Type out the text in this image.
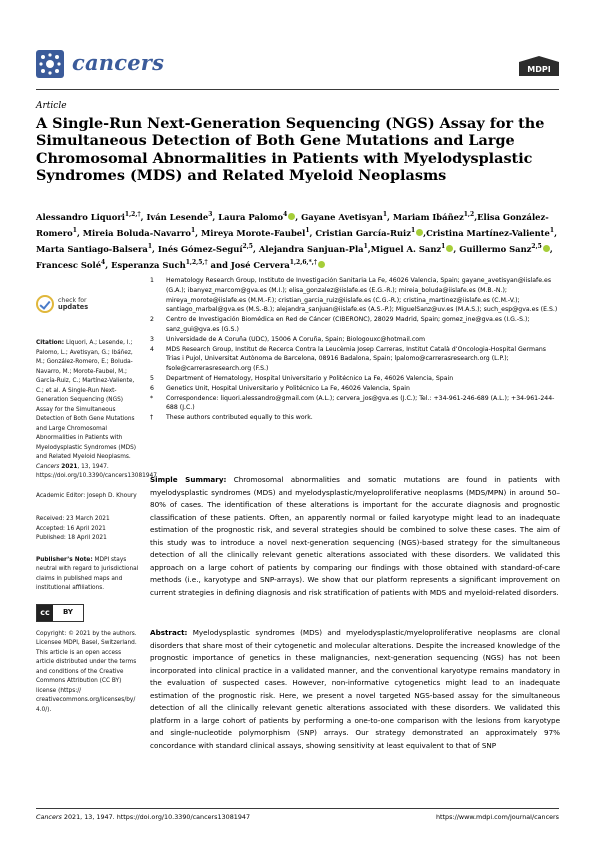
cancers	MDPI
Article
A Single-Run Next-Generation Sequencing (NGS) Assay for the Simultaneous Detection of Both Gene Mutations and Large Chromosomal Abnormalities in Patients with Myelodysplastic Syndromes (MDS) and Related Myeloid Neoplasms
Alessandro Liquori$^{1,2,\dagger}$, Iván Lesende$^3$, Laura Palomo$^4$ , Gayane Avetisyan$^1$, Mariam Ibáñez$^{1,2}$,Elisa González-Romero$^1$, Mireia Boluda-Navarro$^1$, Mireya Morote-Faubel$^1$, Cristian García-Ruiz$^1$ ,Cristina Martínez-Valiente$^1$, Marta Santiago-Balsera$^1$, Inés Gómez-Seguí$^{2,5}$, Alejandra Sanjuan-Pla$^1$,Miguel A. Sanz$^1$ , Guillermo Sanz$^{2,5}$ , Francesc Solé$^4$, Esperanza Such$^{1,2,5,\dagger}$ and José Cervera$^{1,2,6,*,\dagger}$
check for
updates

Citation: Liquori, A.; Lesende, I.; Palomo, L.; Avetisyan, G.; Ibáñez, M.; González-Romero, E.; Boluda-Navarro, M.; Morote-Faubel, M.; García-Ruiz, C.; Martínez-Valiente, C.; et al. A Single-Run Next-Generation Sequencing (NGS) Assay for the Simultaneous Detection of Both Gene Mutations and Large Chromosomal Abnormalities in Patients with Myelodysplastic Syndromes (MDS) and Related Myeloid Neoplasms. Cancers 2021, 13, 1947. https://doi.org/10.3390/cancers13081947

Academic Editor: Joseph D. Khoury

Received: 23 March 2021
Accepted: 16 April 2021
Published: 18 April 2021

Publisher’s Note: MDPI stays neutral with regard to jurisdictional claims in published maps and institutional affiliations.

cc	BY

Copyright: © 2021 by the authors. Licensee MDPI, Basel, Switzerland. This article is an open access article distributed under the terms and conditions of the Creative Commons Attribution (CC BY) license (https:// creativecommons.org/licenses/by/ 4.0/).

1	Hematology Research Group, Instituto de Investigación Sanitaria La Fe, 46026 Valencia, Spain; gayane_avetisyan@iislafe.es (G.A.); ibanyez_marcom@gva.es (M.I.); elisa_gonzalez@iislafe.es (E.G.-R.); mireia_boluda@iislafe.es (M.B.-N.); mireya_morote@iislafe.es (M.M.-F.); cristian_garcia_ruiz@iislafe.es (C.G.-R.); cristina_martinez@iislafe.es (C.M.-V.); santiago_marbal@gva.es (M.S.-B.); alejandra_sanjuan@iislafe.es (A.S.-P.); MiguelSanz@uv.es (M.A.S.); such_esp@gva.es (E.S.)
2	Centro de Investigación Biomédica en Red de Cáncer (CIBERONC), 28029 Madrid, Spain; gomez_ine@gva.es (I.G.-S.); sanz_gui@gva.es (G.S.)
3	Universidade de A Coruña (UDC), 15006 A Coruña, Spain; Biologouxc@hotmail.com
4	MDS Research Group, Institut de Recerca Contra la Leucèmia Josep Carreras, Institut Català d’Oncologia-Hospital Germans Trias i Pujol, Universitat Autònoma de Barcelona, 08916 Badalona, Spain; lpalomo@carrerasresearch.org (L.P.); fsole@carrerasresearch.org (F.S.)
5	Department of Hematology, Hospital Universitario y Politécnico La Fe, 46026 Valencia, Spain
6	Genetics Unit, Hospital Universitario y Politécnico La Fe, 46026 Valencia, Spain
*	Correspondence: liquori.alessandro@gmail.com (A.L.); cervera_jos@gva.es (J.C.); Tel.: +34-961-246-689 (A.L.); +34-961-244-688 (J.C.)
†	These authors contributed equally to this work.

Simple Summary: Chromosomal abnormalities and somatic mutations are found in patients with myelodysplastic syndromes (MDS) and myelodysplastic/myeloproliferative neoplasms (MDS/MPN) in around 50–80% of cases. The identification of these alterations is important for the accurate diagnosis and prognostic classification of these patients. Often, an apparently normal or failed karyotype might lead to an inadequate estimation of the prognostic risk, and several strategies should be combined to solve these cases. The aim of this study was to introduce a novel next-generation sequencing (NGS)-based strategy for the simultaneous detection of all the clinically relevant genetic alterations associated with these disorders. We validated this approach on a large cohort of patients by comparing our findings with those obtained with standard-of-care methods (i.e., karyotype and SNP-arrays). We show that our platform represents a significant improvement on current strategies in defining diagnosis and risk stratification of patients with MDS and myeloid-related disorders.

Abstract: Myelodysplastic syndromes (MDS) and myelodysplastic/myeloproliferative neoplasms are clonal disorders that share most of their cytogenetic and molecular alterations. Despite the increased knowledge of the prognostic importance of genetics in these malignancies, next-generation sequencing (NGS) has not been incorporated into clinical practice in a validated manner, and the conventional karyotype remains mandatory in the evaluation of suspected cases. However, non-informative cytogenetics might lead to an inadequate estimation of the prognostic risk. Here, we present a novel targeted NGS-based assay for the simultaneous detection of all the clinically relevant genetic alterations associated with these disorders. We validated this platform in a large cohort of patients by performing a one-to-one comparison with the lesions from karyotype and single-nucleotide polymorphism (SNP) arrays. Our strategy demonstrated an approximately 97% concordance with standard clinical assays, showing sensitivity at least equivalent to that of SNP

Cancers 2021, 13, 1947. https://doi.org/10.3390/cancers13081947	https://www.mdpi.com/journal/cancers
